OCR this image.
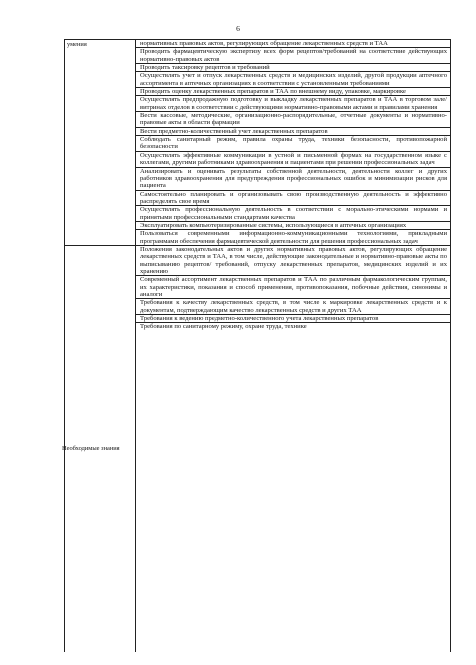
6
умения
Необходимые знания
нормативных правовых актов, регулирующих обращение лекарственных средств и ТАА
Проводить фармацевтическую экспертизу всех форм рецептов/требований на соответствие действующих нормативно-правовых актов
Проводить таксировку рецептов и требований
Осуществлять учет и отпуск лекарственных средств и медицинских изделий, другой продукции аптечного ассортимента в аптечных организациях в соответствии с установленными требованиями
Проводить оценку лекарственных препаратов и ТАА по внешнему виду, упаковке, маркировке
Осуществлять предпродажную подготовку и выкладку лекарственных препаратов и ТАА в торговом зале/витринах отделов в соответствии с действующими нормативно-правовыми актами и правилами хранения
Вести кассовые, методические, организационно-распорядительные, отчетные документы и нормативно-правовые акты в области фармации
Вести предметно-количественный учет лекарственных препаратов
Соблюдать санитарный режим, правила охраны труда, техники безопасности, противопожарной безопасности
Осуществлять эффективные коммуникации в устной и письменной формах на государственном языке с коллегами, другими работниками здравоохранения и пациентами при решении профессиональных задач
Анализировать и оценивать результаты собственной деятельности, деятельности коллег и других работников здравоохранения для предупреждения профессиональных ошибок и минимизации рисков для пациента
Самостоятельно планировать и организовывать свою производственную деятельность и эффективно распределять свое время
Осуществлять профессиональную деятельность в соответствии с морально-этическими нормами и принятыми профессиональными стандартами качества
Эксплуатировать компьютеризированные системы, использующиеся в аптечных организациях
Пользоваться современными информационно-коммуникационными технологиями, прикладными программами обеспечения фармацевтической деятельности для решения профессиональных задач
Положения законодательных актов и других нормативных правовых актов, регулирующих обращение лекарственных средств и ТАА, в том числе, действующие законодательные и нормативно-правовые акты по выписыванию рецептов/ требований, отпуску лекарственных препаратов, медицинских изделий и их хранению
Современный ассортимент лекарственных препаратов и ТАА по различным фармакологическим группам, их характеристики, показания и способ применения, противопоказания, побочные действия, синонимы и аналоги
Требования к качеству лекарственных средств, в том числе к маркировке лекарственных средств и к документам, подтверждающим качество лекарственных средств и других ТАА
Требования к ведению предметно-количественного учета лекарственных препаратов
Требования по санитарному режиму, охране труда, технике
